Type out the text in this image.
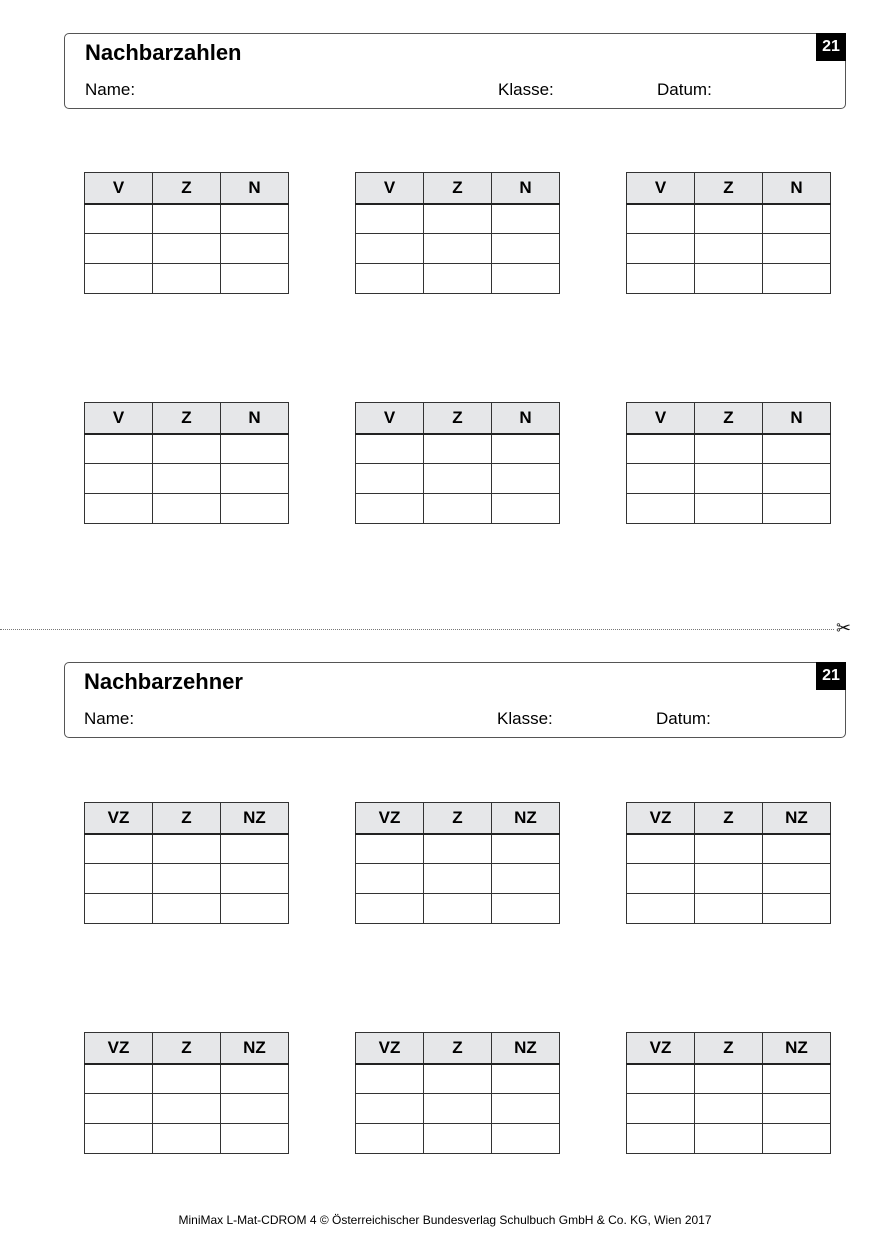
Nachbarzahlen
Name:	Klasse:	Datum:
21
V	Z	N

			V	Z	N

			V	Z	N

V	Z	N

			V	Z	N

			V	Z	N

✂
Nachbarzehner
Name:	Klasse:	Datum:
21
VZ	Z	NZ

			VZ	Z	NZ

			VZ	Z	NZ

VZ	Z	NZ

			VZ	Z	NZ

			VZ	Z	NZ

MiniMax L-Mat-CDROM 4 © Österreichischer Bundesverlag Schulbuch GmbH & Co. KG, Wien 2017
